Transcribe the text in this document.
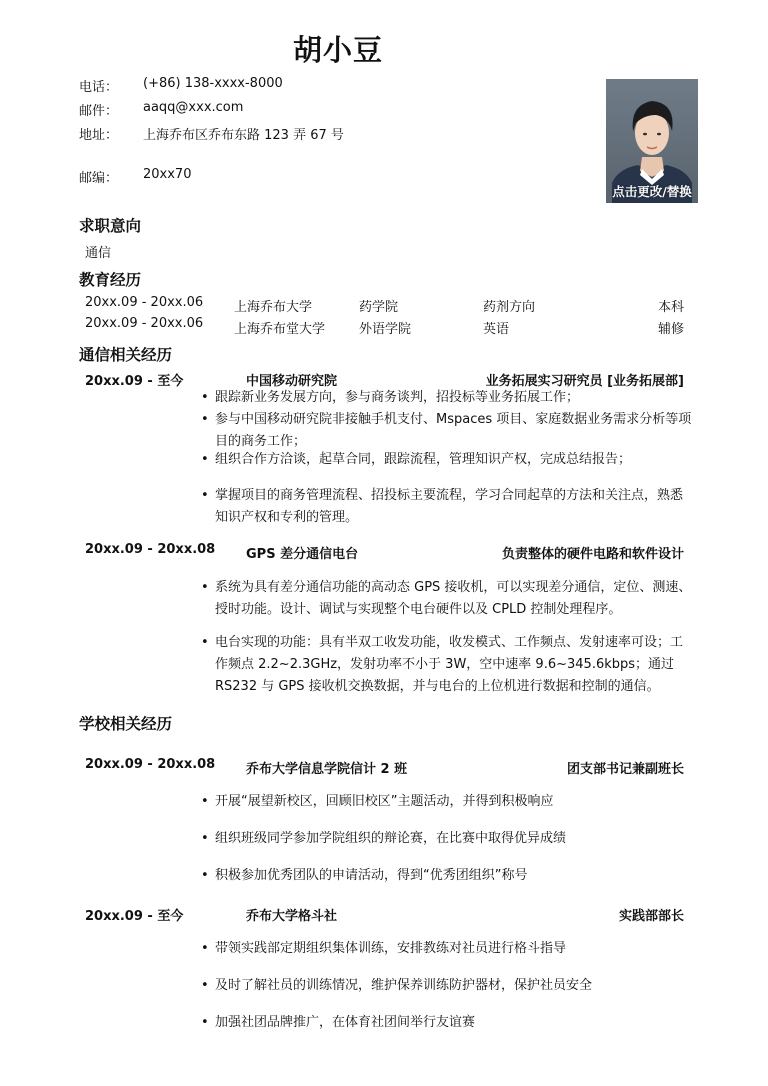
胡小豆
电话： (+86) 138-xxxx-8000
邮件： aaqq@xxx.com
地址： 上海乔布区乔布东路 123 弄 67 号
邮编： 20xx70
点击更改/替换
求职意向
通信
教育经历
20xx.09 - 20xx.06 上海乔布大学	药学院	药剂方向	本科
20xx.09 - 20xx.06 上海乔布堂大学	外语学院	英语	辅修
通信相关经历
20xx.09 - 至今	中国移动研究院	业务拓展实习研究员 [业务拓展部]
• 跟踪新业务发展方向，参与商务谈判，招投标等业务拓展工作；
• 参与中国移动研究院非接触手机支付、Mspaces 项目、家庭数据业务需求分析等项目的商务工作；
• 组织合作方洽谈，起草合同，跟踪流程，管理知识产权，完成总结报告；
• 掌握项目的商务管理流程、招投标主要流程，学习合同起草的方法和关注点，熟悉知识产权和专利的管理。
20xx.09 - 20xx.08 GPS 差分通信电台	负责整体的硬件电路和软件设计
• 系统为具有差分通信功能的高动态 GPS 接收机，可以实现差分通信，定位、测速、授时功能。设计、调试与实现整个电台硬件以及 CPLD 控制处理程序。
• 电台实现的功能：具有半双工收发功能，收发模式、工作频点、发射速率可设；工作频点 2.2~2.3GHz，发射功率不小于 3W，空中速率 9.6~345.6kbps；通过 RS232 与 GPS 接收机交换数据，并与电台的上位机进行数据和控制的通信。
学校相关经历
20xx.09 - 20xx.08 乔布大学信息学院信计 2 班	团支部书记兼副班长
• 开展“展望新校区，回顾旧校区”主题活动，并得到积极响应
• 组织班级同学参加学院组织的辩论赛，在比赛中取得优异成绩
• 积极参加优秀团队的申请活动，得到“优秀团组织”称号
20xx.09 - 至今	乔布大学格斗社	实践部部长
• 带领实践部定期组织集体训练，安排教练对社员进行格斗指导
• 及时了解社员的训练情况，维护保养训练防护器材，保护社员安全
• 加强社团品牌推广，在体育社团间举行友谊赛
